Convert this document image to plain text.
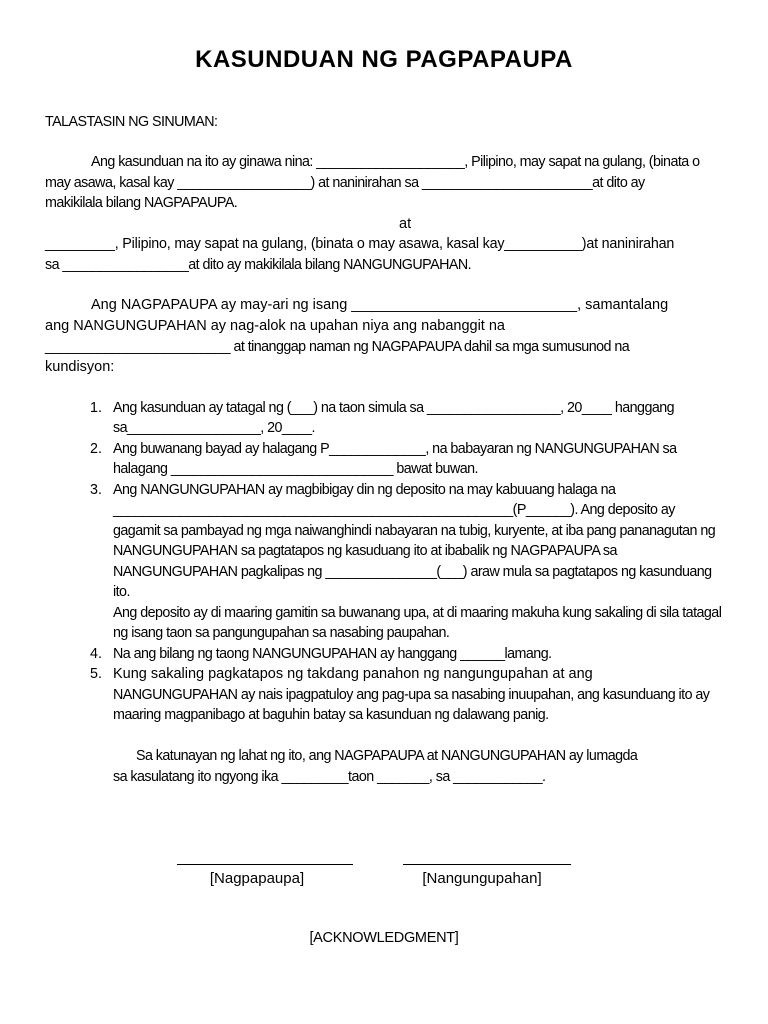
KASUNDUAN NG PAGPAPAUPA
TALASTASIN NG SINUMAN:
Ang kasunduan na ito ay ginawa nina: ____________________, Pilipino, may sapat na gulang, (binata o
may asawa, kasal kay __________________) at naninirahan sa _______________________at dito ay
makikilala bilang NAGPAPAUPA.
at
_________, Pilipino, may sapat na gulang, (binata o may asawa, kasal kay__________)at naninirahan
sa _________________at dito ay makikilala bilang NANGUNGUPAHAN.
Ang NAGPAPAUPA ay may-ari ng isang ____________________________, samantalang
ang NANGUNGUPAHAN ay nag-alok na upahan niya ang nabanggit na
_________________________ at tinanggap naman ng NAGPAPAUPA dahil sa mga sumusunod na
kundisyon:
1. Ang kasunduan ay tatagal ng (___) na taon simula sa __________________, 20____ hanggang
sa__________________, 20____.
2. Ang buwanang bayad ay halagang P_____________, na babayaran ng NANGUNGUPAHAN sa
halagang ______________________________ bawat buwan.
3. Ang NANGUNGUPAHAN ay magbibigay din ng deposito na may kabuuang halaga na
______________________________________________________(P______). Ang deposito ay
gagamit sa pambayad ng mga naiwanghindi nabayaran na tubig, kuryente, at iba pang pananagutan ng
NANGUNGUPAHAN sa pagtatapos ng kasuduang ito at ibabalik ng NAGPAPAUPA sa
NANGUNGUPAHAN pagkalipas ng _______________(___) araw mula sa pagtatapos ng kasunduang
ito.
Ang deposito ay di maaring gamitin sa buwanang upa, at di maaring makuha kung sakaling di sila tatagal
ng isang taon sa pangungupahan sa nasabing paupahan.
4. Na ang bilang ng taong NANGUNGUPAHAN ay hanggang ______lamang.
5. Kung sakaling pagkatapos ng takdang panahon ng nangungupahan at ang
NANGUNGUPAHAN ay nais ipagpatuloy ang pag-upa sa nasabing inuupahan, ang kasunduang ito ay
maaring magpanibago at baguhin batay sa kasunduan ng dalawang panig.
Sa katunayan ng lahat ng ito, ang NAGPAPAUPA at NANGUNGUPAHAN ay lumagda
sa kasulatang ito ngyong ika _________taon _______, sa ____________.
[Nagpapaupa]	[Nangungupahan]
[ACKNOWLEDGMENT]
